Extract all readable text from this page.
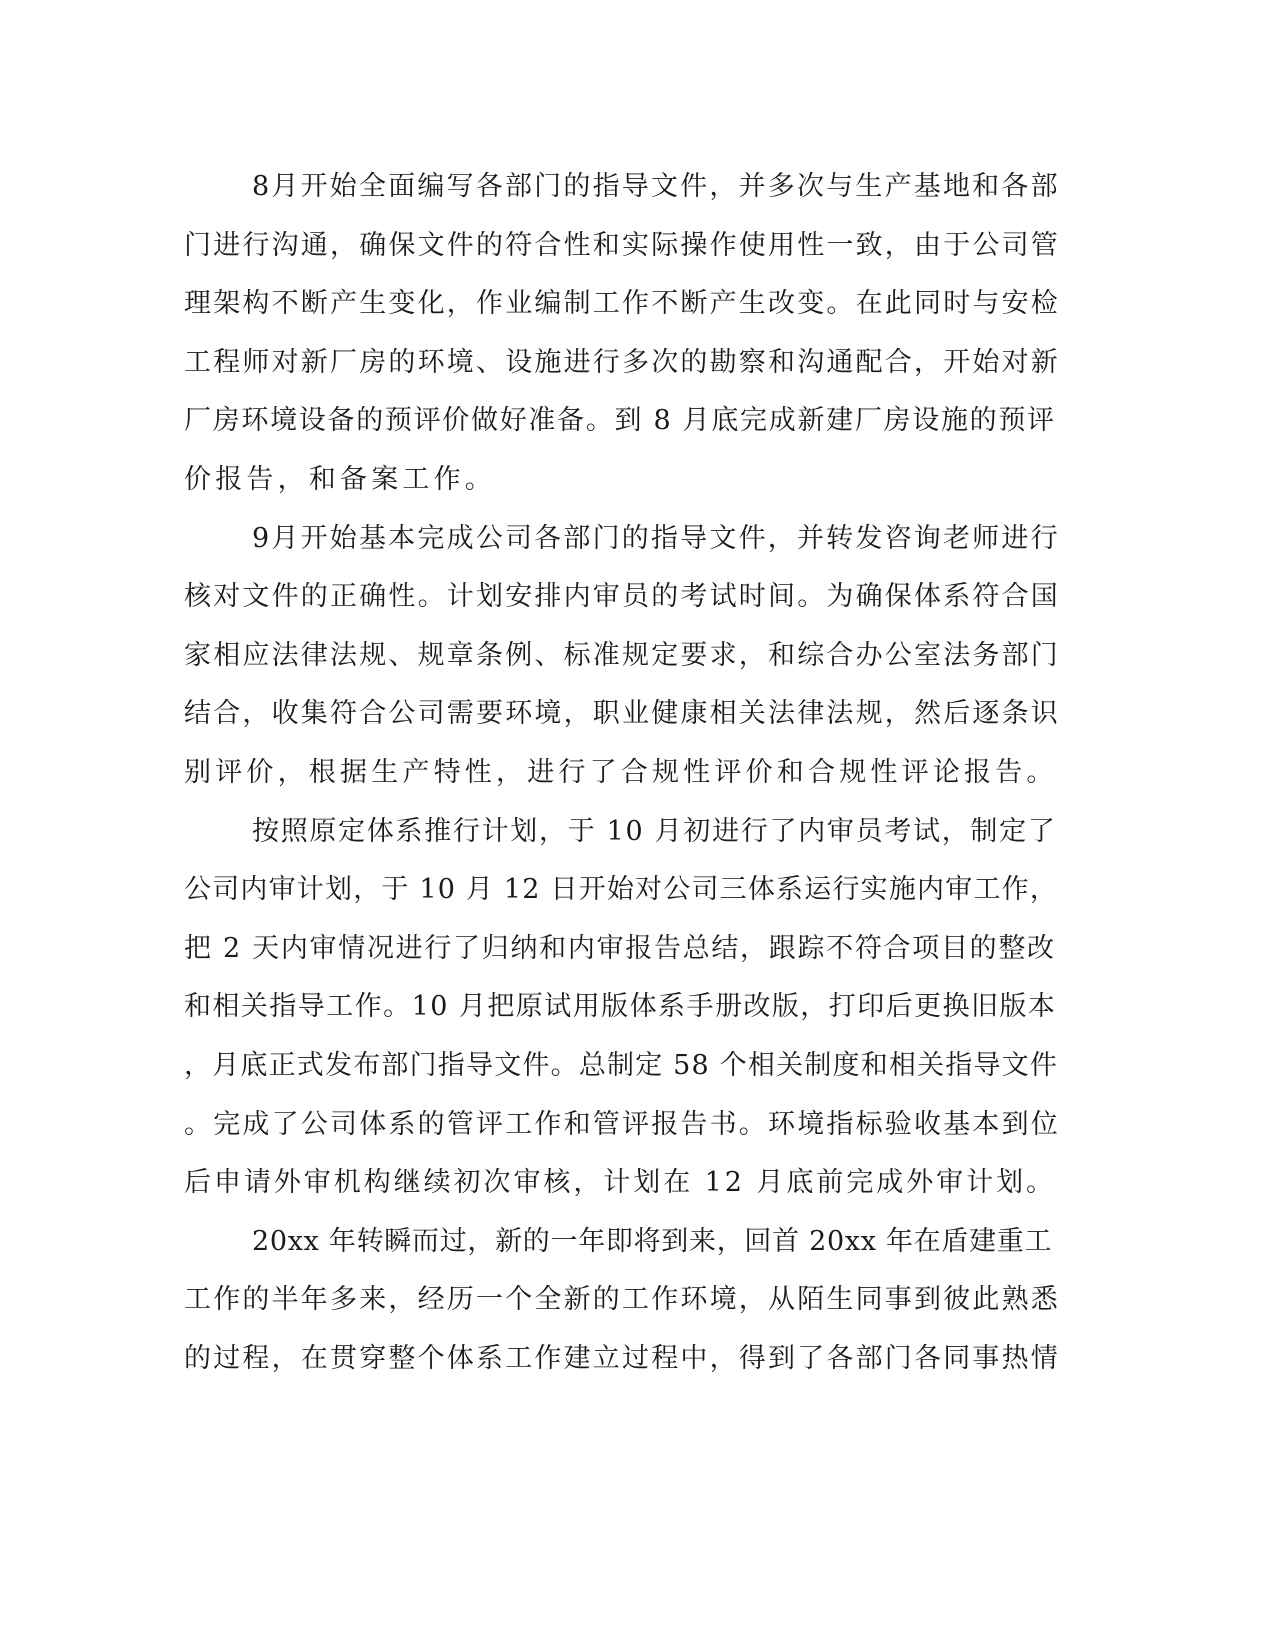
8月开始全面编写各部门的指导文件，并多次与生产基地和各部
门进行沟通，确保文件的符合性和实际操作使用性一致，由于公司管
理架构不断产生变化，作业编制工作不断产生改变。在此同时与安检
工程师对新厂房的环境、设施进行多次的勘察和沟通配合，开始对新
厂房环境设备的预评价做好准备。到 8 月底完成新建厂房设施的预评
价报告，和备案工作。
9月开始基本完成公司各部门的指导文件，并转发咨询老师进行
核对文件的正确性。计划安排内审员的考试时间。为确保体系符合国
家相应法律法规、规章条例、标准规定要求，和综合办公室法务部门
结合，收集符合公司需要环境，职业健康相关法律法规，然后逐条识
别评价，根据生产特性，进行了合规性评价和合规性评论报告。
按照原定体系推行计划，于 10 月初进行了内审员考试，制定了
公司内审计划，于 10 月 12 日开始对公司三体系运行实施内审工作，
把 2 天内审情况进行了归纳和内审报告总结，跟踪不符合项目的整改
和相关指导工作。10 月把原试用版体系手册改版，打印后更换旧版本
，月底正式发布部门指导文件。总制定 58 个相关制度和相关指导文件
。完成了公司体系的管评工作和管评报告书。环境指标验收基本到位
后申请外审机构继续初次审核，计划在 12 月底前完成外审计划。
20xx 年转瞬而过，新的一年即将到来，回首 20xx 年在盾建重工
工作的半年多来，经历一个全新的工作环境，从陌生同事到彼此熟悉
的过程，在贯穿整个体系工作建立过程中，得到了各部门各同事热情
